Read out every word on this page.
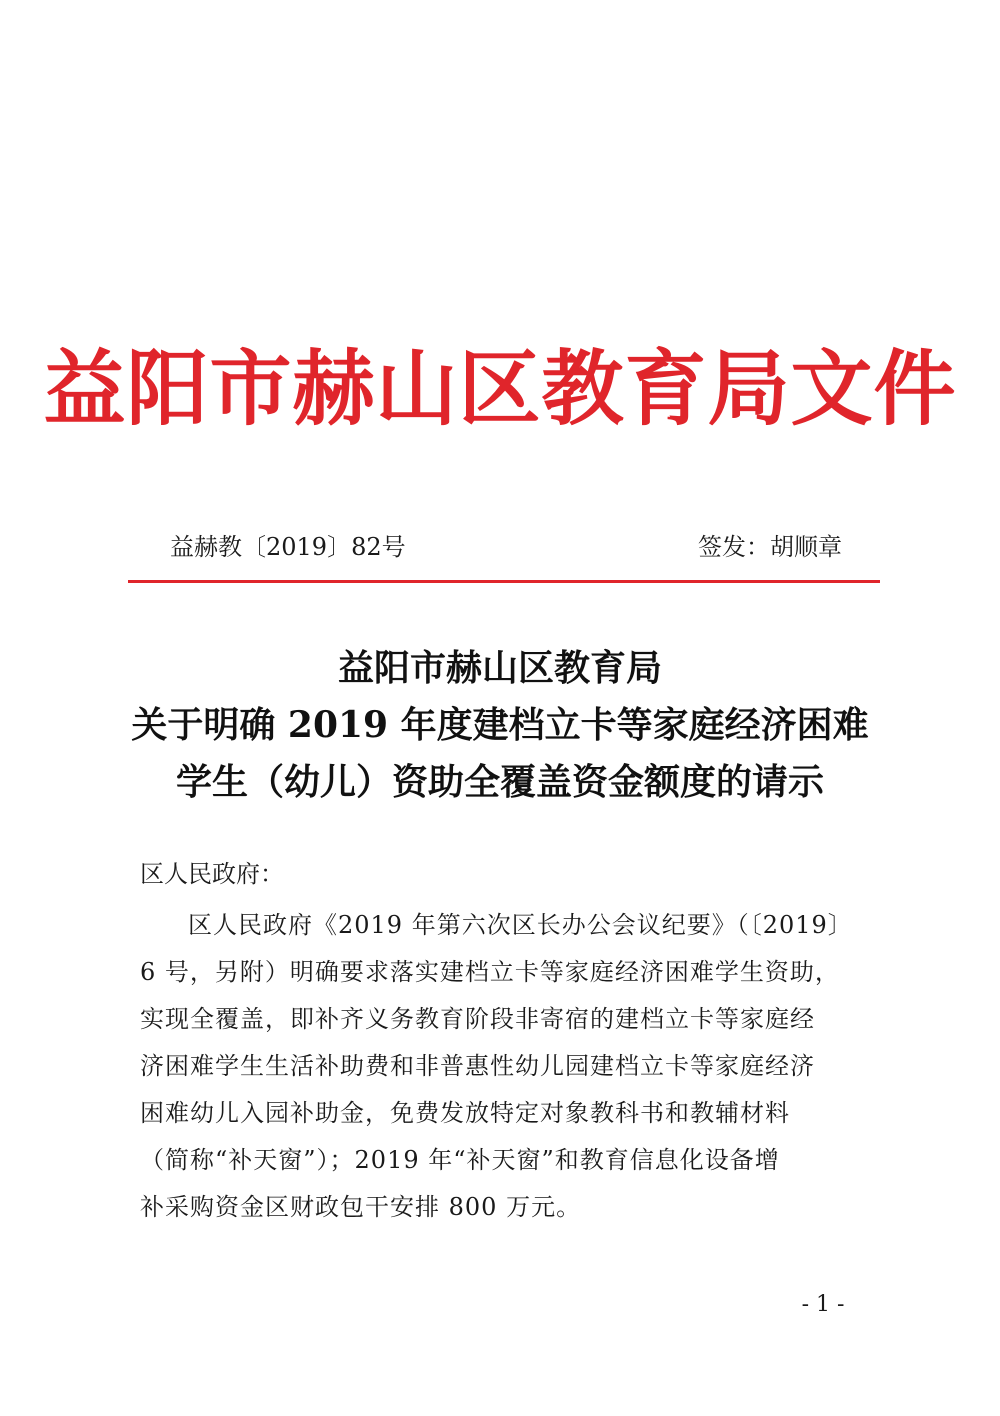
益阳市赫山区教育局文件
益赫教〔2019〕82号	签发：胡顺章
益阳市赫山区教育局
关于明确 2019 年度建档立卡等家庭经济困难
学生（幼儿）资助全覆盖资金额度的请示
区人民政府：
区人民政府《2019 年第六次区长办公会议纪要》（〔2019〕
6 号，另附）明确要求落实建档立卡等家庭经济困难学生资助，
实现全覆盖，即补齐义务教育阶段非寄宿的建档立卡等家庭经
济困难学生生活补助费和非普惠性幼儿园建档立卡等家庭经济
困难幼儿入园补助金，免费发放特定对象教科书和教辅材料
（简称“补天窗”）；2019 年“补天窗”和教育信息化设备增
补采购资金区财政包干安排 800 万元。
- 1 -
